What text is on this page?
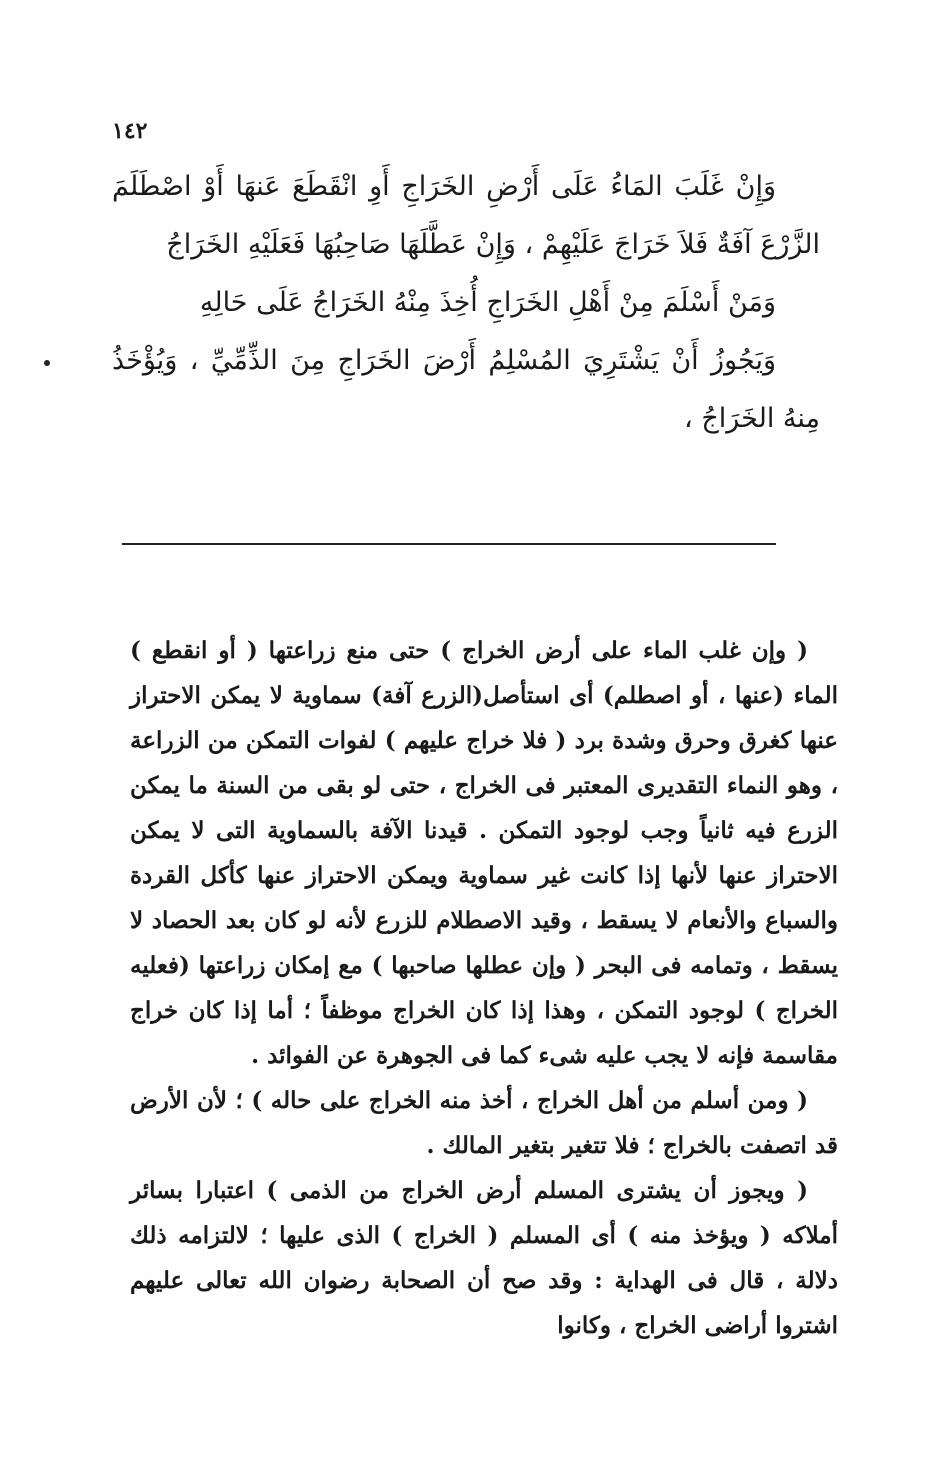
١٤٢

وَإِنْ غَلَبَ المَاءُ عَلَى أَرْضِ الخَرَاجِ أَوِ انْقَطَعَ عَنهَا أَوْ اصْطَلَمَ الزَّرْعَ آفَةٌ فَلاَ خَرَاجَ عَلَيْهِمْ ، وَإِنْ عَطَّلَهَا صَاحِبُهَا فَعَلَيْهِ الخَرَاجُ

وَمَنْ أَسْلَمَ مِنْ أَهْلِ الخَرَاجِ أُخِذَ مِنْهُ الخَرَاجُ عَلَى حَالِهِ

وَيَجُوزُ أَنْ يَشْتَرِيَ المُسْلِمُ أَرْضَ الخَرَاجِ مِنَ الذِّمِّيِّ ، وَيُؤْخَذُ مِنهُ الخَرَاجُ ،

( وإن غلب الماء على أرض الخراج ) حتى منع زراعتها ( أو انقطع ) الماء (عنها ، أو اصطلم) أى استأصل(الزرع آفة) سماوية لا يمكن الاحتراز عنها كغرق وحرق وشدة برد ( فلا خراج عليهم ) لفوات التمكن من الزراعة ، وهو النماء التقديرى المعتبر فى الخراج ، حتى لو بقى من السنة ما يمكن الزرع فيه ثانياً وجب لوجود التمكن . قيدنا الآفة بالسماوية التى لا يمكن الاحتراز عنها لأنها إذا كانت غير سماوية ويمكن الاحتراز عنها كأكل القردة والسباع والأنعام لا يسقط ، وقيد الاصطلام للزرع لأنه لو كان بعد الحصاد لا يسقط ، وتمامه فى البحر ( وإن عطلها صاحبها ) مع إمكان زراعتها (فعليه الخراج ) لوجود التمكن ، وهذا إذا كان الخراج موظفاً ؛ أما إذا كان خراج مقاسمة فإنه لا يجب عليه شىء كما فى الجوهرة عن الفوائد .

( ومن أسلم من أهل الخراج ، أخذ منه الخراج على حاله ) ؛ لأن الأرض قد اتصفت بالخراج ؛ فلا تتغير بتغير المالك .

( ويجوز أن يشترى المسلم أرض الخراج من الذمى ) اعتبارا بسائر أملاكه ( ويؤخذ منه ) أى المسلم ( الخراج ) الذى عليها ؛ لالتزامه ذلك دلالة ، قال فى الهداية : وقد صح أن الصحابة رضوان الله تعالى عليهم اشتروا أراضى الخراج ، وكانوا
